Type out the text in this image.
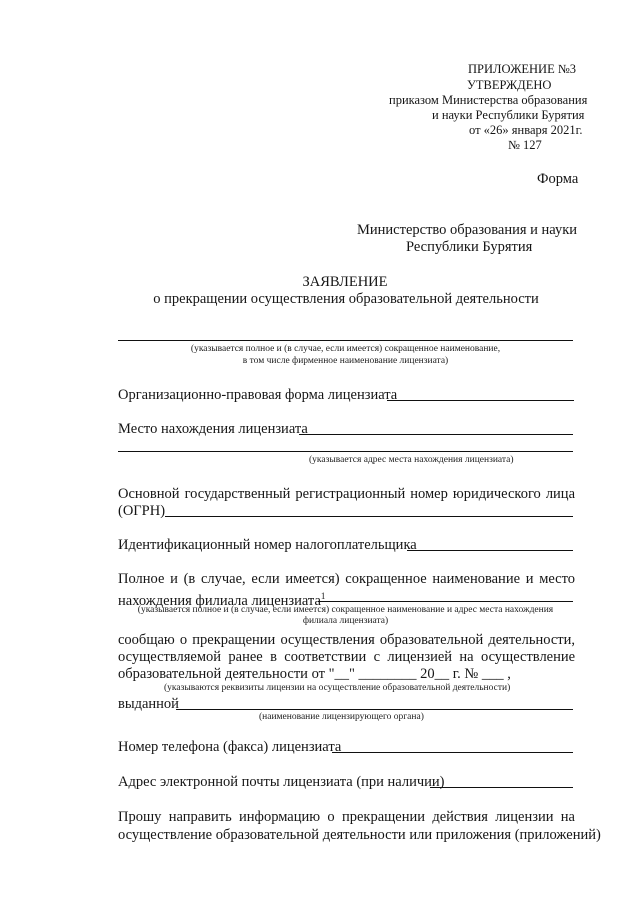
ПРИЛОЖЕНИЕ №3
УТВЕРЖДЕНО
приказом Министерства образования
и науки Республики Бурятия
от «26» января 2021г.
№ 127
Форма
Министерство образования и науки
Республики Бурятия
ЗАЯВЛЕНИЕ
о прекращении осуществления образовательной деятельности
(указывается полное и (в случае, если имеется) сокращенное наименование,
в том числе фирменное наименование лицензиата)
Организационно-правовая форма лицензиата
Место нахождения лицензиата
(указывается адрес места нахождения лицензиата)
Основной государственный регистрационный номер юридического лица
(ОГРН)
Идентификационный номер налогоплательщика
Полное и (в случае, если имеется) сокращенное наименование и место
нахождения филиала лицензиата$^1$
(указывается полное и (в случае, если имеется) сокращенное наименование и адрес места нахождения
филиала лицензиата)
сообщаю о прекращении осуществления образовательной деятельности,
осуществляемой ранее в соответствии с лицензией на осуществление
образовательной деятельности от "__" ________ 20__ г. № ___ ,
(указываются реквизиты лицензии на осуществление образовательной деятельности)
выданной
(наименование лицензирующего органа)
Номер телефона (факса) лицензиата
Адрес электронной почты лицензиата (при наличии)
Прошу направить информацию о прекращении действия лицензии на
осуществление образовательной деятельности или приложения (приложений)
